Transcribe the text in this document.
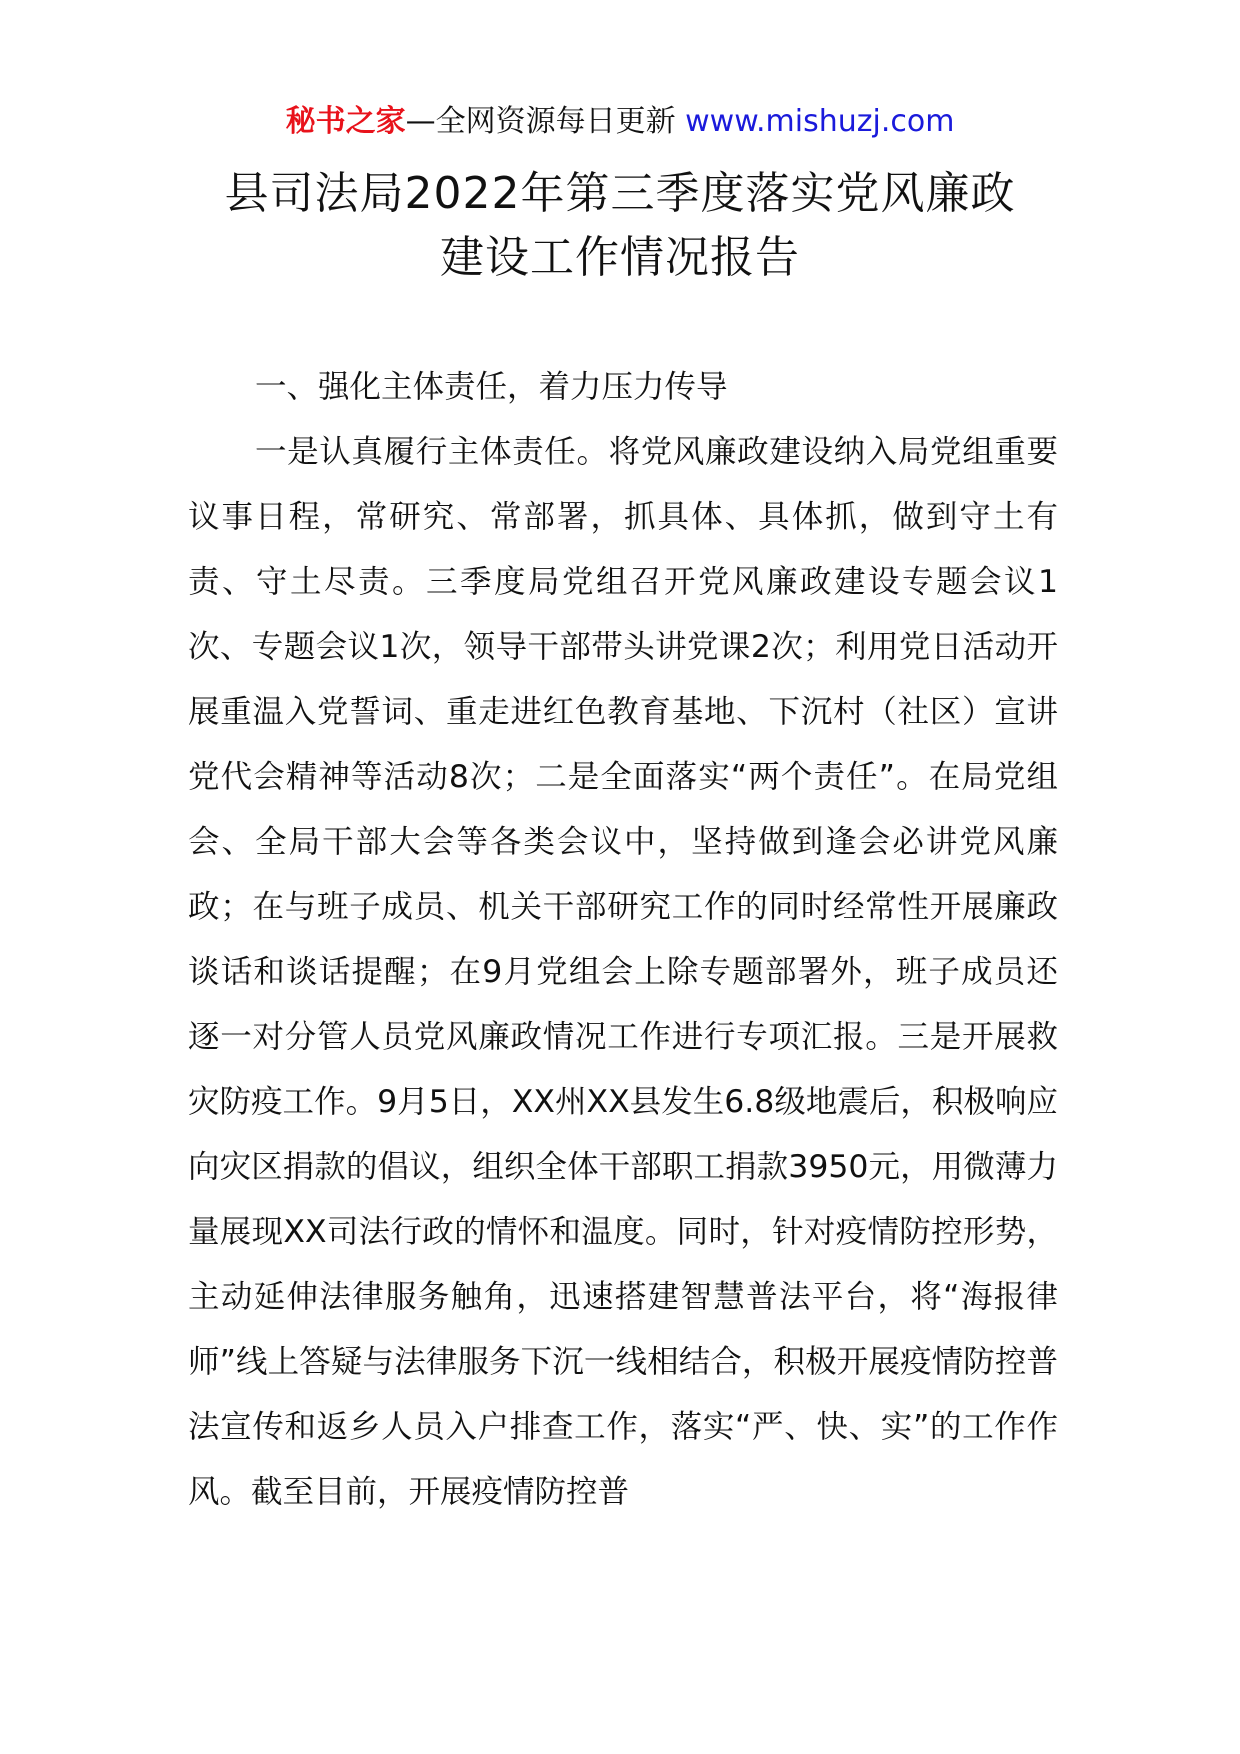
秘书之家—全网资源每日更新 www.mishuzj.com
县司法局2022年第三季度落实党风廉政
建设工作情况报告

一、强化主体责任，着力压力传导

一是认真履行主体责任。将党风廉政建设纳入局党组重要议事日程，常研究、常部署，抓具体、具体抓，做到守土有责、守土尽责。三季度局党组召开党风廉政建设专题会议1次、专题会议1次，领导干部带头讲党课2次；利用党日活动开展重温入党誓词、重走进红色教育基地、下沉村（社区）宣讲党代会精神等活动8次；二是全面落实“两个责任”。在局党组会、全局干部大会等各类会议中，坚持做到逢会必讲党风廉政；在与班子成员、机关干部研究工作的同时经常性开展廉政谈话和谈话提醒；在9月党组会上除专题部署外，班子成员还逐一对分管人员党风廉政情况工作进行专项汇报。三是开展救灾防疫工作。9月5日，XX州XX县发生6.8级地震后，积极响应向灾区捐款的倡议，组织全体干部职工捐款3950元，用微薄力量展现XX司法行政的情怀和温度。同时，针对疫情防控形势，主动延伸法律服务触角，迅速搭建智慧普法平台，将“海报律师”线上答疑与法律服务下沉一线相结合，积极开展疫情防控普法宣传和返乡人员入户排查工作，落实“严、快、实”的工作作风。截至目前，开展疫情防控普
